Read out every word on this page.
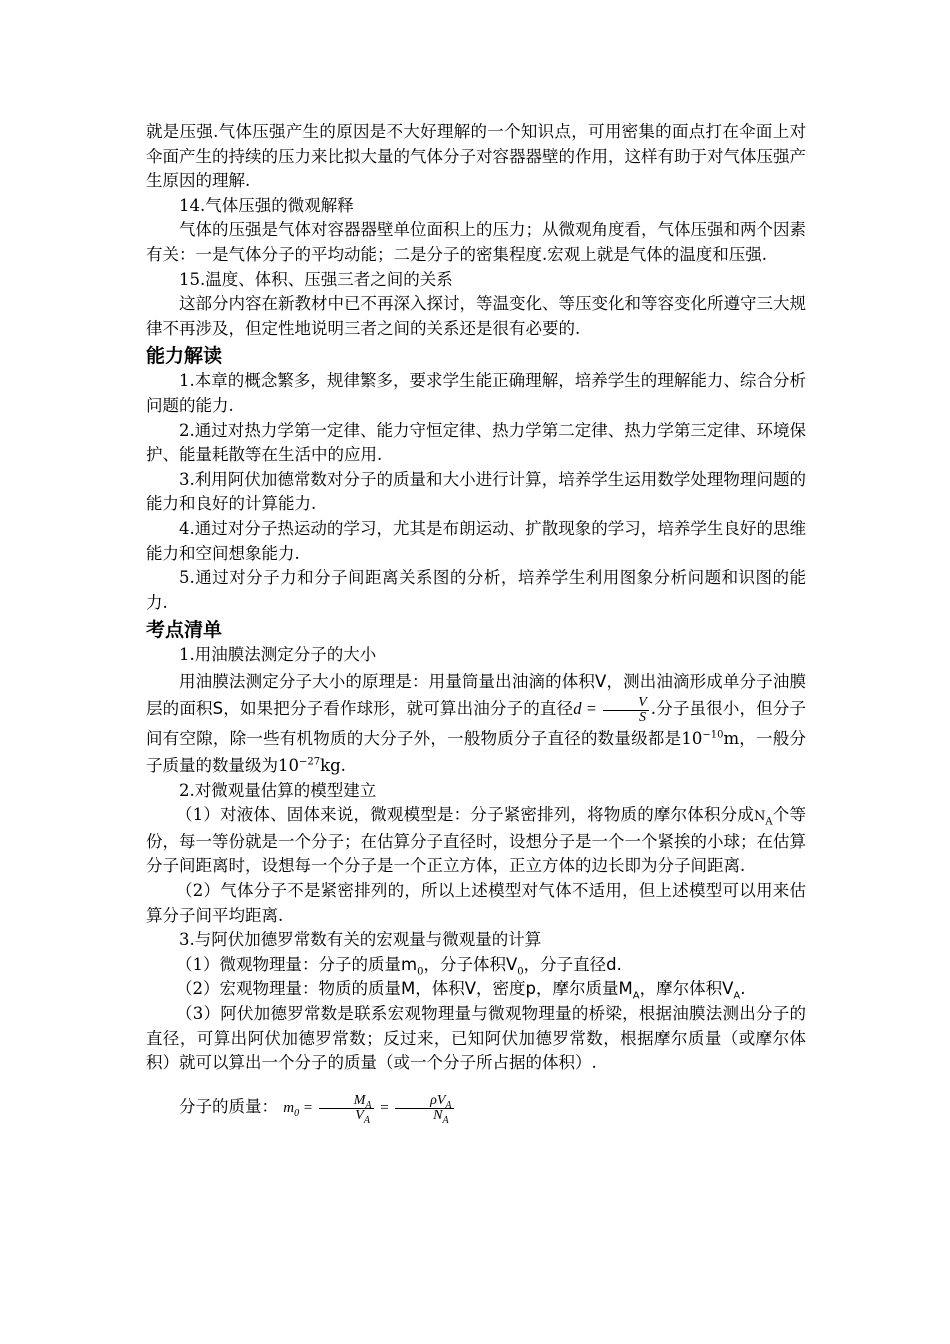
就是压强.气体压强产生的原因是不大好理解的一个知识点，可用密集的面点打在伞面上对伞面产生的持续的压力来比拟大量的气体分子对容器器壁的作用，这样有助于对气体压强产生原因的理解.

14.气体压强的微观解释

气体的压强是气体对容器器壁单位面积上的压力；从微观角度看，气体压强和两个因素有关：一是气体分子的平均动能；二是分子的密集程度.宏观上就是气体的温度和压强.

15.温度、体积、压强三者之间的关系

这部分内容在新教材中已不再深入探讨，等温变化、等压变化和等容变化所遵守三大规律不再涉及，但定性地说明三者之间的关系还是很有必要的.

能力解读

1.本章的概念繁多，规律繁多，要求学生能正确理解，培养学生的理解能力、综合分析问题的能力.

2.通过对热力学第一定律、能力守恒定律、热力学第二定律、热力学第三定律、环境保护、能量耗散等在生活中的应用.

3.利用阿伏加德常数对分子的质量和大小进行计算，培养学生运用数学处理物理问题的能力和良好的计算能力.

4.通过对分子热运动的学习，尤其是布朗运动、扩散现象的学习，培养学生良好的思维能力和空间想象能力.

5.通过对分子力和分子间距离关系图的分析，培养学生利用图象分析问题和识图的能力.

考点清单

1.用油膜法测定分子的大小

用油膜法测定分子大小的原理是：用量筒量出油滴的体积V，测出油滴形成单分子油膜层的面积S，如果把分子看作球形，就可算出油分子的直径$d = \frac{V}{S}$ .分子虽很小，但分子间有空隙，除一些有机物质的大分子外，一般物质分子直径的数量级都是$10^{-10}m$，一般分子质量的数量级为$10^{-27}kg$.

2.对微观量估算的模型建立

（1）对液体、固体来说，微观模型是：分子紧密排列，将物质的摩尔体积分成$N_A$个等份，每一等份就是一个分子；在估算分子直径时，设想分子是一个一个紧挨的小球；在估算分子间距离时，设想每一个分子是一个正立方体，正立方体的边长即为分子间距离.

（2）气体分子不是紧密排列的，所以上述模型对气体不适用，但上述模型可以用来估算分子间平均距离.

3.与阿伏加德罗常数有关的宏观量与微观量的计算

（1）微观物理量：分子的质量$m_0$，分子体积$V_0$，分子直径d.

（2）宏观物理量：物质的质量M，体积V，密度p，摩尔质量$M_A$，摩尔体积$V_A$.

（3）阿伏加德罗常数是联系宏观物理量与微观物理量的桥梁，根据油膜法测出分子的直径，可算出阿伏加德罗常数；反过来，已知阿伏加德罗常数，根据摩尔质量（或摩尔体积）就可以算出一个分子的质量（或一个分子所占据的体积）.

分子的质量： $m_0 = \frac{M_A}{V_A} = \frac{\rho V_A}{N_A}$
